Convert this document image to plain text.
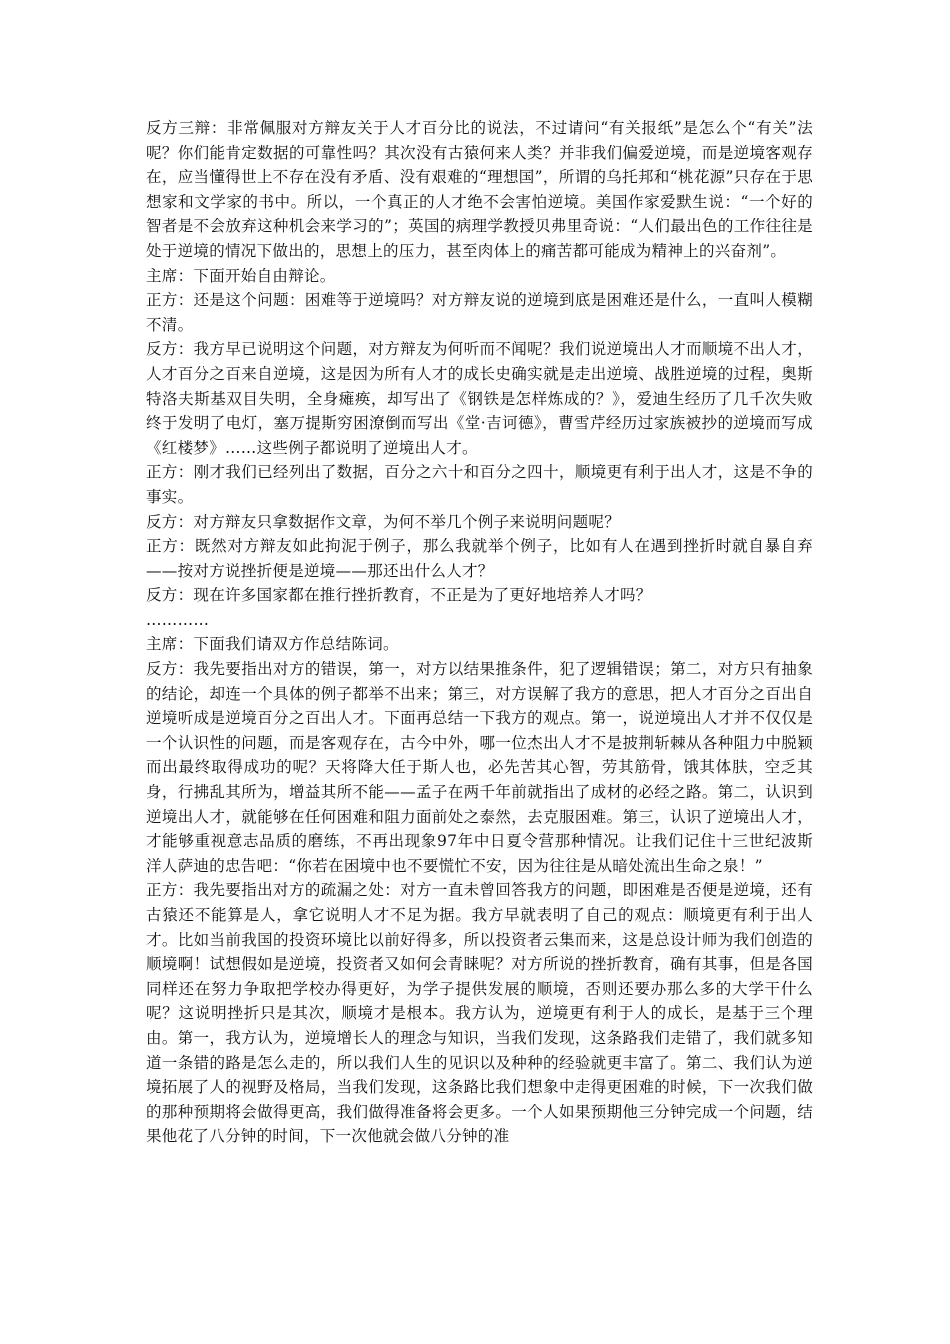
反方三辩：非常佩服对方辩友关于人才百分比的说法，不过请问“有关报纸”是怎么个“有关”法呢？你们能肯定数据的可靠性吗？其次没有古猿何来人类？并非我们偏爱逆境，而是逆境客观存在，应当懂得世上不存在没有矛盾、没有艰难的“理想国”，所谓的乌托邦和“桃花源”只存在于思想家和文学家的书中。所以，一个真正的人才绝不会害怕逆境。美国作家爱默生说：“一个好的智者是不会放弃这种机会来学习的”；英国的病理学教授贝弗里奇说：“人们最出色的工作往往是处于逆境的情况下做出的，思想上的压力，甚至肉体上的痛苦都可能成为精神上的兴奋剂”。

主席：下面开始自由辩论。

正方：还是这个问题：困难等于逆境吗？对方辩友说的逆境到底是困难还是什么，一直叫人模糊不清。

反方：我方早已说明这个问题，对方辩友为何听而不闻呢？我们说逆境出人才而顺境不出人才，人才百分之百来自逆境，这是因为所有人才的成长史确实就是走出逆境、战胜逆境的过程，奥斯特洛夫斯基双目失明，全身瘫痪，却写出了《钢铁是怎样炼成的？》，爱迪生经历了几千次失败终于发明了电灯，塞万提斯穷困潦倒而写出《堂·吉诃德》，曹雪芹经历过家族被抄的逆境而写成《红楼梦》……这些例子都说明了逆境出人才。

正方：刚才我们已经列出了数据，百分之六十和百分之四十，顺境更有利于出人才，这是不争的事实。

反方：对方辩友只拿数据作文章，为何不举几个例子来说明问题呢？

正方：既然对方辩友如此拘泥于例子，那么我就举个例子，比如有人在遇到挫折时就自暴自弃——按对方说挫折便是逆境——那还出什么人才？

反方：现在许多国家都在推行挫折教育，不正是为了更好地培养人才吗？

…………

主席：下面我们请双方作总结陈词。

反方：我先要指出对方的错误，第一，对方以结果推条件，犯了逻辑错误；第二，对方只有抽象的结论，却连一个具体的例子都举不出来；第三，对方误解了我方的意思，把人才百分之百出自逆境听成是逆境百分之百出人才。下面再总结一下我方的观点。第一，说逆境出人才并不仅仅是一个认识性的问题，而是客观存在，古今中外，哪一位杰出人才不是披荆斩棘从各种阻力中脱颖而出最终取得成功的呢？天将降大任于斯人也，必先苦其心智，劳其筋骨，饿其体肤，空乏其身，行拂乱其所为，增益其所不能——孟子在两千年前就指出了成材的必经之路。第二，认识到逆境出人才，就能够在任何困难和阻力面前处之泰然，去克服困难。第三，认识了逆境出人才，才能够重视意志品质的磨练，不再出现象97年中日夏令营那种情况。让我们记住十三世纪波斯洋人萨迪的忠告吧：“你若在困境中也不要慌忙不安，因为往往是从暗处流出生命之泉！”

正方：我先要指出对方的疏漏之处：对方一直未曾回答我方的问题，即困难是否便是逆境，还有古猿还不能算是人，拿它说明人才不足为据。我方早就表明了自己的观点：顺境更有利于出人才。比如当前我国的投资环境比以前好得多，所以投资者云集而来，这是总设计师为我们创造的顺境啊！试想假如是逆境，投资者又如何会青睐呢？对方所说的挫折教育，确有其事，但是各国同样还在努力争取把学校办得更好，为学子提供发展的顺境，否则还要办那么多的大学干什么呢？这说明挫折只是其次，顺境才是根本。我方认为，逆境更有利于人的成长，是基于三个理由。第一，我方认为，逆境增长人的理念与知识，当我们发现，这条路我们走错了，我们就多知道一条错的路是怎么走的，所以我们人生的见识以及种种的经验就更丰富了。第二、我们认为逆境拓展了人的视野及格局，当我们发现，这条路比我们想象中走得更困难的时候，下一次我们做的那种预期将会做得更高，我们做得准备将会更多。一个人如果预期他三分钟完成一个问题，结果他花了八分钟的时间，下一次他就会做八分钟的准
